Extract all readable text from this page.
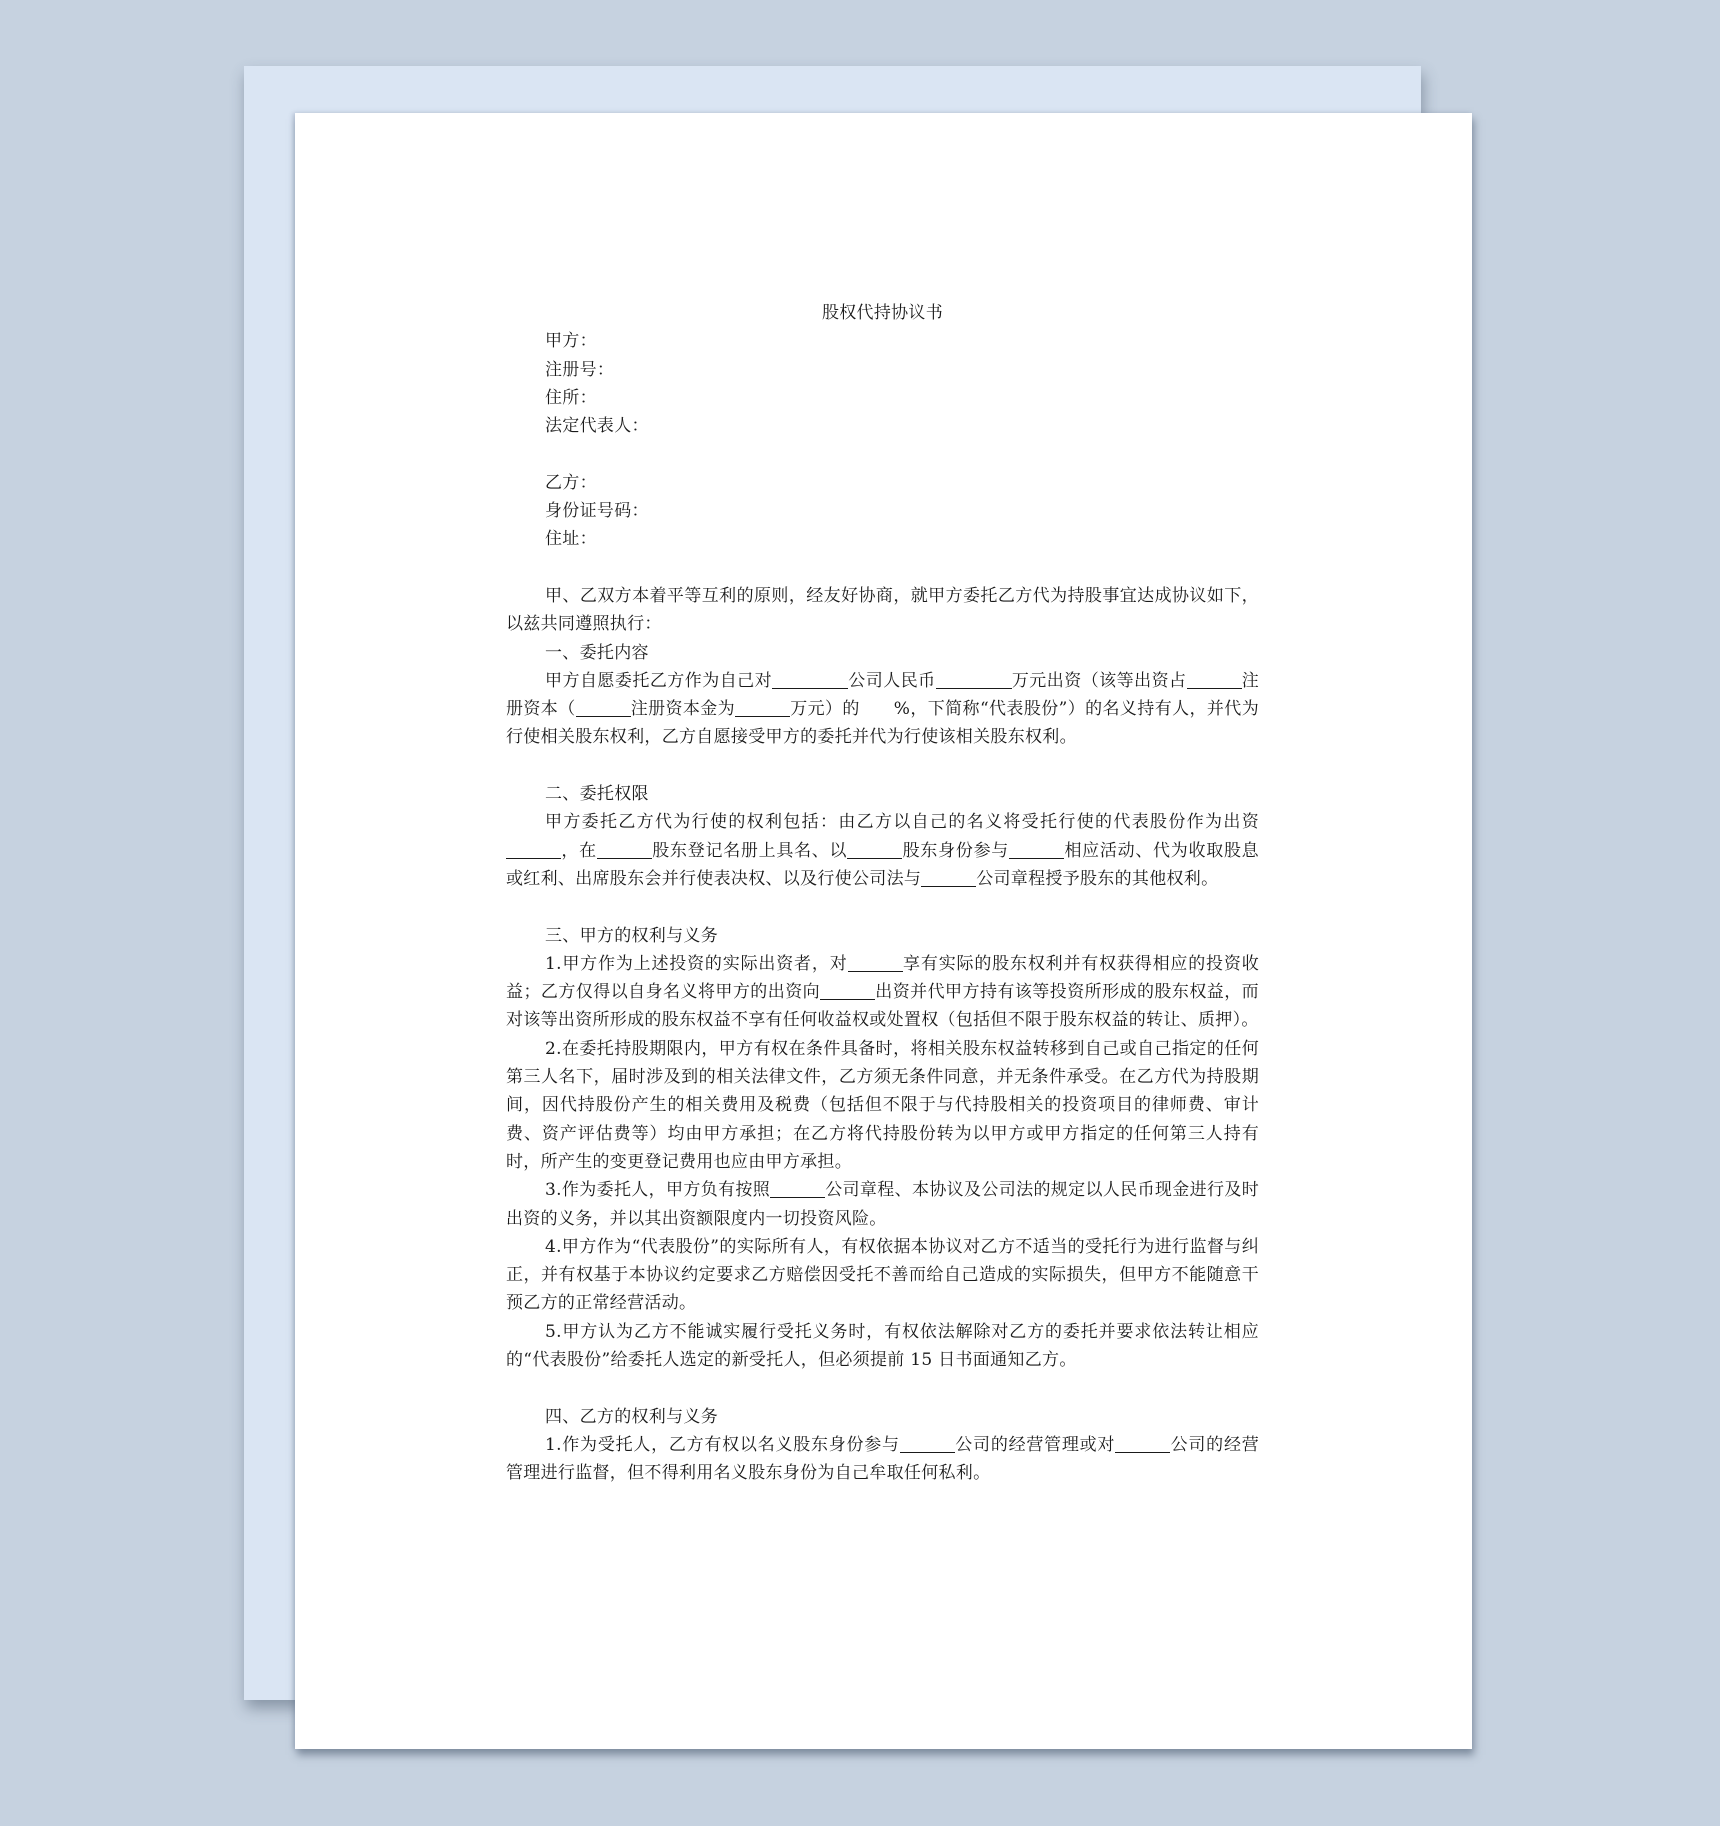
股权代持协议书

甲方：

注册号：

住所：

法定代表人：

乙方：

身份证号码：

住址：

甲、乙双方本着平等互利的原则，经友好协商，就甲方委托乙方代为持股事宜达成协议如下，以兹共同遵照执行：

一、委托内容

甲方自愿委托乙方作为自己对	公司人民币	万元出资（该等出资占	注册资本（	注册资本金为	万元）的 %，下简称“代表股份”）的名义持有人，并代为行使相关股东权利，乙方自愿接受甲方的委托并代为行使该相关股东权利。

二、委托权限

甲方委托乙方代为行使的权利包括：由乙方以自己的名义将受托行使的代表股份作为出资，在	股东登记名册上具名、以	股东身份参与	相应活动、代为收取股息或红利、出席股东会并行使表决权、以及行使公司法与	公司章程授予股东的其他权利。

三、甲方的权利与义务

1.甲方作为上述投资的实际出资者，对	享有实际的股东权利并有权获得相应的投资收益；乙方仅得以自身名义将甲方的出资向	出资并代甲方持有该等投资所形成的股东权益，而对该等出资所形成的股东权益不享有任何收益权或处置权（包括但不限于股东权益的转让、质押）。

2.在委托持股期限内，甲方有权在条件具备时，将相关股东权益转移到自己或自己指定的任何第三人名下，届时涉及到的相关法律文件，乙方须无条件同意，并无条件承受。在乙方代为持股期间，因代持股份产生的相关费用及税费（包括但不限于与代持股相关的投资项目的律师费、审计费、资产评估费等）均由甲方承担；在乙方将代持股份转为以甲方或甲方指定的任何第三人持有时，所产生的变更登记费用也应由甲方承担。

3.作为委托人，甲方负有按照	公司章程、本协议及公司法的规定以人民币现金进行及时出资的义务，并以其出资额限度内一切投资风险。

4.甲方作为“代表股份”的实际所有人，有权依据本协议对乙方不适当的受托行为进行监督与纠正，并有权基于本协议约定要求乙方赔偿因受托不善而给自己造成的实际损失，但甲方不能随意干预乙方的正常经营活动。

5.甲方认为乙方不能诚实履行受托义务时，有权依法解除对乙方的委托并要求依法转让相应的“代表股份”给委托人选定的新受托人，但必须提前 15 日书面通知乙方。

四、乙方的权利与义务

1.作为受托人，乙方有权以名义股东身份参与	公司的经营管理或对	公司的经营管理进行监督，但不得利用名义股东身份为自己牟取任何私利。
